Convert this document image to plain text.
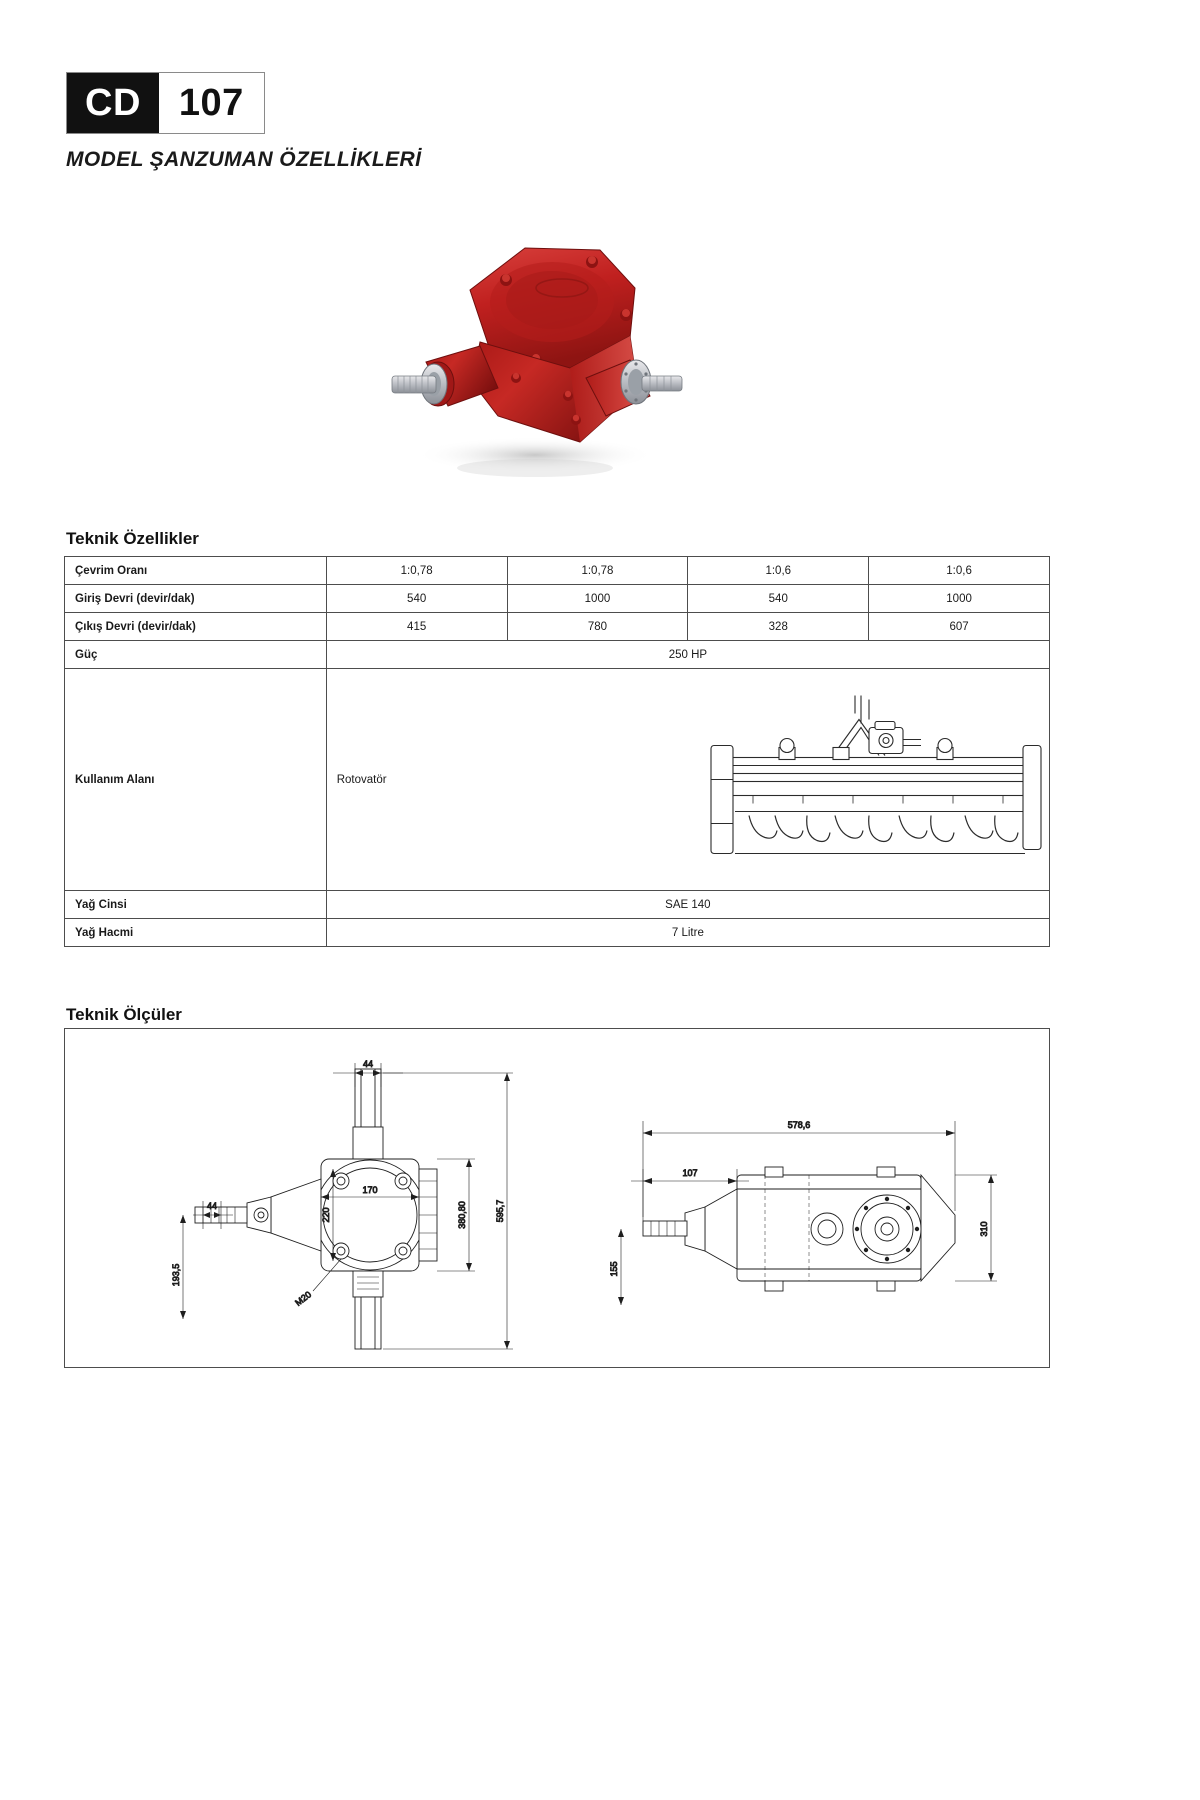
CD	107
MODEL ŞANZUMAN ÖZELLİKLERİ
Teknik Özellikler
Çevrim Oranı	1:0,78	1:0,78	1:0,6	1:0,6
Giriş Devri (devir/dak)	540	1000	540	1000
Çıkış Devri (devir/dak)	415	780	328	607
Güç	250 HP			
Kullanım Alanı	Rotovatör			

Yağ Cinsi	SAE 140			
Yağ Hacmi	7 Litre			
Teknik Ölçüler
44
170
220	380,80	595,7
193,5
44
M20
578,6
107
155
310
